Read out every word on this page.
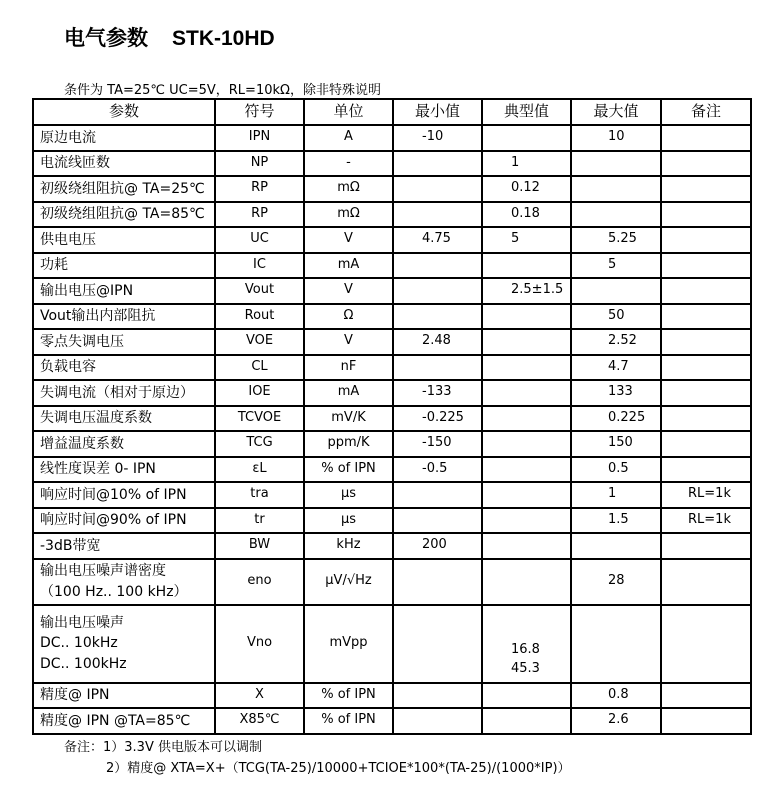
电气参数 STK-10HD
条件为 TA=25℃ UC=5V，RL=10kΩ，除非特殊说明
参数	符号	单位	最小值	典型值	最大值	备注
原边电流	IPN	A	-10		10	
电流线匝数	NP	-		1		
初级绕组阻抗@ TA=25℃	RP	mΩ		0.12		
初级绕组阻抗@ TA=85℃	RP	mΩ		0.18		
供电电压	UC	V	4.75	5	5.25	
功耗	IC	mA			5	
输出电压@IPN	Vout	V		2.5±1.5		
Vout输出内部阻抗	Rout	Ω			50	
零点失调电压	VOE	V	2.48		2.52	
负载电容	CL	nF			4.7	
失调电流（相对于原边）	IOE	mA	-133		133	
失调电压温度系数	TCVOE	mV/K	-0.225		0.225	
增益温度系数	TCG	ppm/K	-150		150	
线性度误差 0- IPN	εL	% of IPN	-0.5		0.5	
响应时间@10% of IPN	tra	μs			1	RL=1k
响应时间@90% of IPN	tr	μs			1.5	RL=1k
-3dB带宽	BW	kHz	200			

输出电压噪声谱密度
（100 Hz.. 100 kHz）	eno	μV/√Hz			28	

输出电压噪声
DC.. 10kHz
DC.. 100kHz	Vno	mVpp		16.8
45.3		

精度@ IPN	X	% of IPN			0.8	
精度@ IPN @TA=85℃	X85℃	% of IPN			2.6	
备注：1）3.3V 供电版本可以调制
2）精度@ XTA=X+（TCG(TA-25)/10000+TCIOE*100*(TA-25)/(1000*IP)）
